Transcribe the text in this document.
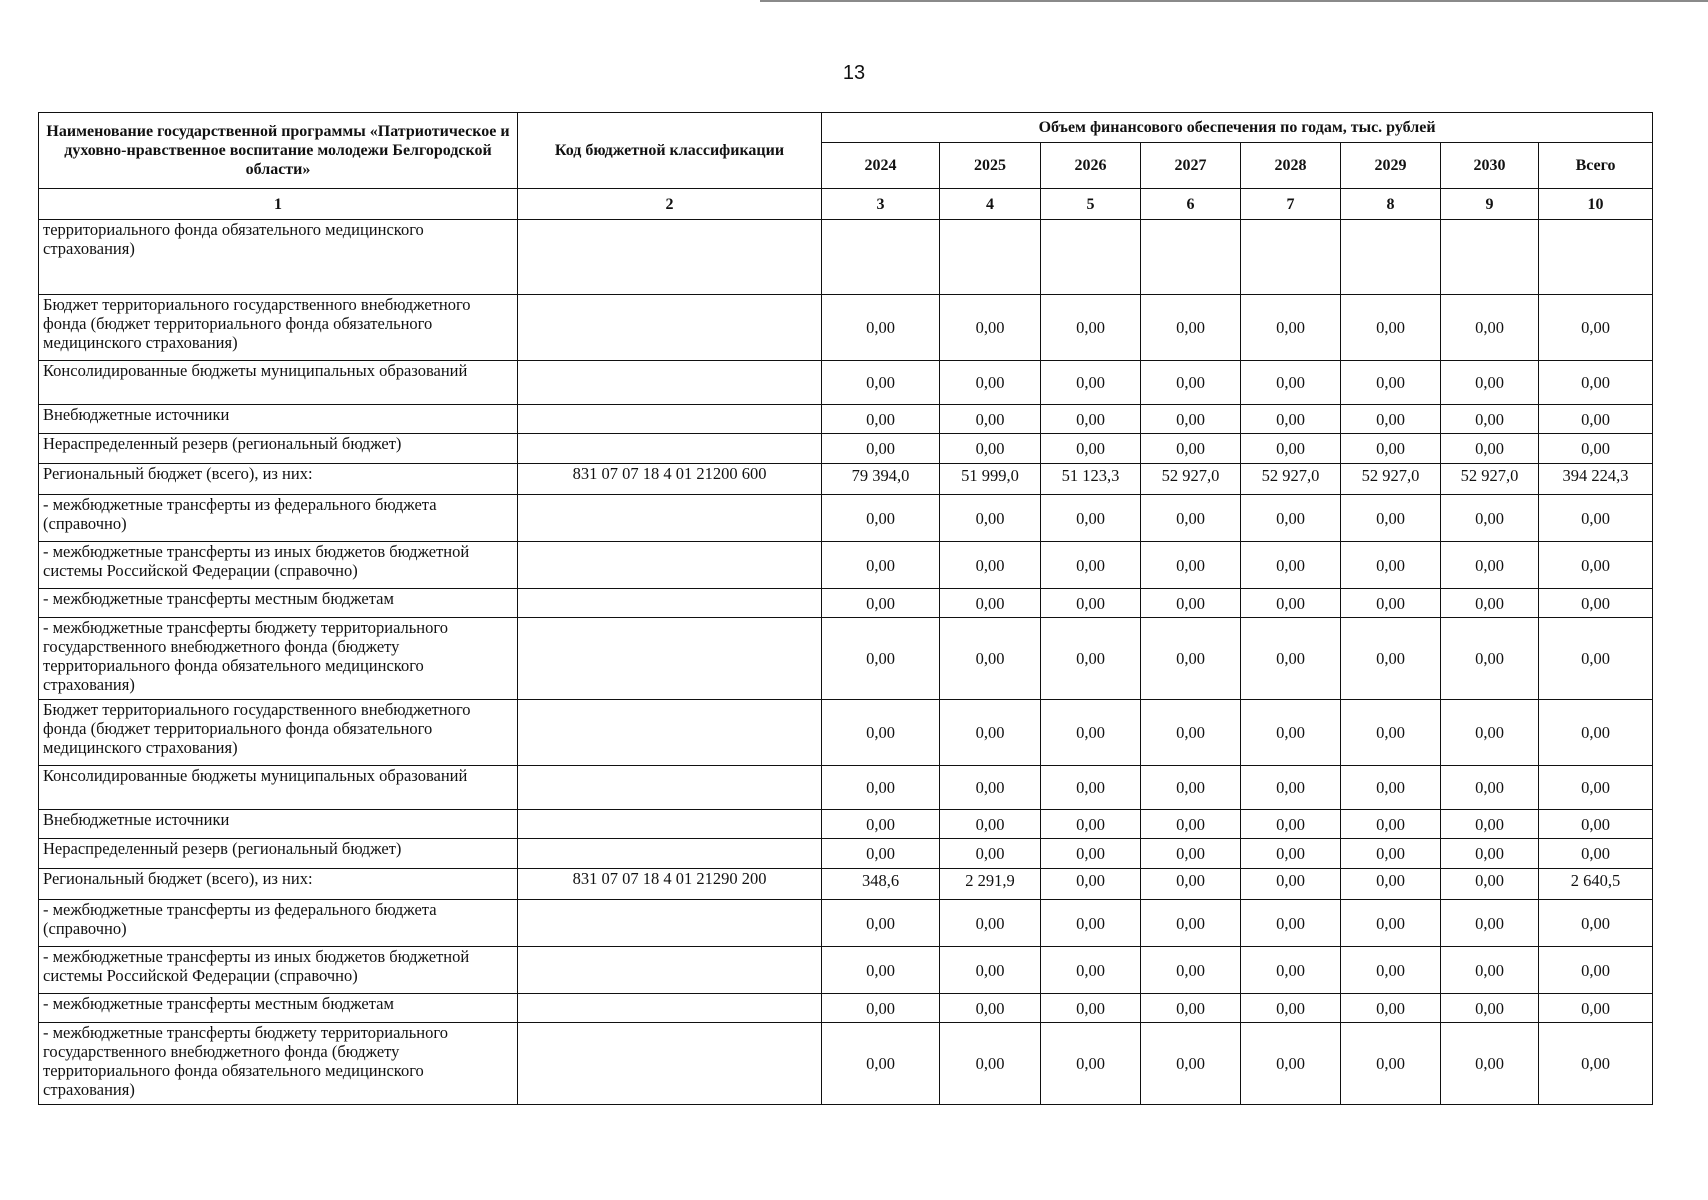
13
Наименование государственной программы «Патриотическое и духовно-нравственное воспитание молодежи Белгородской области»	Код бюджетной классификации	Объем финансового обеспечения по годам, тыс. рублей							
		2024	2025	2026	2027	2028	2029	2030	Всего
1	2	3	4	5	6	7	8	9	10
территориального фонда обязательного медицинского страхования)									
Бюджет территориального государственного внебюджетного фонда (бюджет территориального фонда обязательного медицинского страхования)		0,00	0,00	0,00	0,00	0,00	0,00	0,00	0,00
Консолидированные бюджеты муниципальных образований		0,00	0,00	0,00	0,00	0,00	0,00	0,00	0,00
Внебюджетные источники		0,00	0,00	0,00	0,00	0,00	0,00	0,00	0,00
Нераспределенный резерв (региональный бюджет)		0,00	0,00	0,00	0,00	0,00	0,00	0,00	0,00
Региональный бюджет (всего), из них:	831 07 07 18 4 01 21200 600	79 394,0	51 999,0	51 123,3	52 927,0	52 927,0	52 927,0	52 927,0	394 224,3
- межбюджетные трансферты из федерального бюджета (справочно)		0,00	0,00	0,00	0,00	0,00	0,00	0,00	0,00
- межбюджетные трансферты из иных бюджетов бюджетной системы Российской Федерации (справочно)		0,00	0,00	0,00	0,00	0,00	0,00	0,00	0,00
- межбюджетные трансферты местным бюджетам		0,00	0,00	0,00	0,00	0,00	0,00	0,00	0,00
- межбюджетные трансферты бюджету территориального государственного внебюджетного фонда (бюджету территориального фонда обязательного медицинского страхования)		0,00	0,00	0,00	0,00	0,00	0,00	0,00	0,00
Бюджет территориального государственного внебюджетного фонда (бюджет территориального фонда обязательного медицинского страхования)		0,00	0,00	0,00	0,00	0,00	0,00	0,00	0,00
Консолидированные бюджеты муниципальных образований		0,00	0,00	0,00	0,00	0,00	0,00	0,00	0,00
Внебюджетные источники		0,00	0,00	0,00	0,00	0,00	0,00	0,00	0,00
Нераспределенный резерв (региональный бюджет)		0,00	0,00	0,00	0,00	0,00	0,00	0,00	0,00
Региональный бюджет (всего), из них:	831 07 07 18 4 01 21290 200	348,6	2 291,9	0,00	0,00	0,00	0,00	0,00	2 640,5
- межбюджетные трансферты из федерального бюджета (справочно)		0,00	0,00	0,00	0,00	0,00	0,00	0,00	0,00
- межбюджетные трансферты из иных бюджетов бюджетной системы Российской Федерации (справочно)		0,00	0,00	0,00	0,00	0,00	0,00	0,00	0,00
- межбюджетные трансферты местным бюджетам		0,00	0,00	0,00	0,00	0,00	0,00	0,00	0,00
- межбюджетные трансферты бюджету территориального государственного внебюджетного фонда (бюджету территориального фонда обязательного медицинского страхования)		0,00	0,00	0,00	0,00	0,00	0,00	0,00	0,00
